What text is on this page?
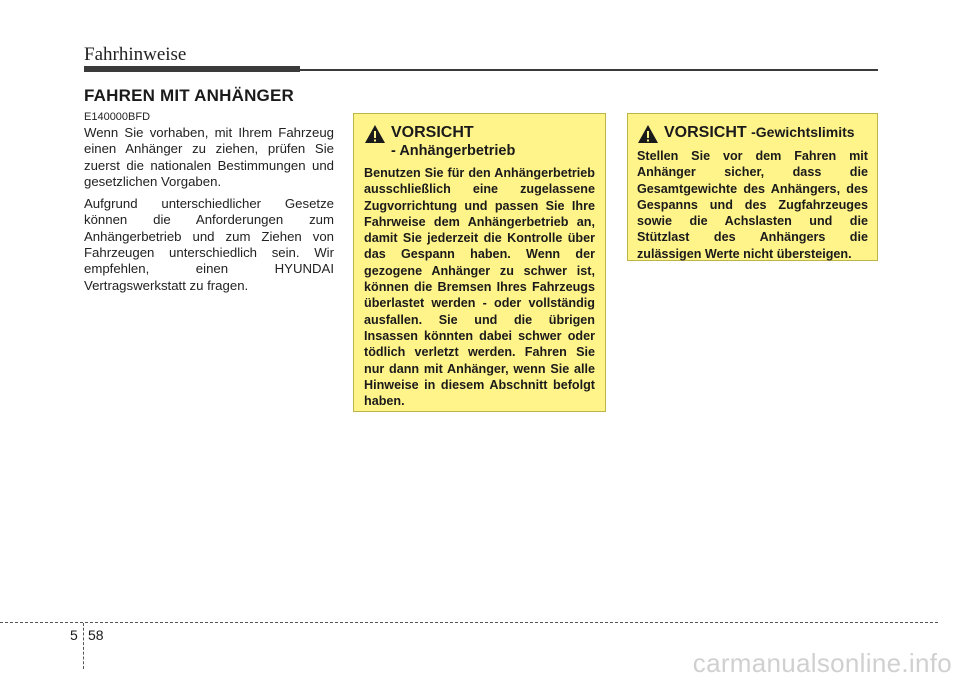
Fahrhinweise
FAHREN MIT ANHÄNGER
E140000BFD

Wenn Sie vorhaben, mit Ihrem Fahrzeug einen Anhänger zu ziehen, prüfen Sie zuerst die nationalen Bestimmungen und gesetzlichen Vorgaben.

Aufgrund unterschiedlicher Gesetze können die Anforderungen zum Anhängerbetrieb und zum Ziehen von Fahrzeugen unterschiedlich sein. Wir empfehlen, einen HYUNDAI Vertragswerkstatt zu fragen.

VORSICHT
- Anhängerbetrieb
Benutzen Sie für den Anhängerbetrieb ausschließlich eine zugelassene Zugvorrichtung und passen Sie Ihre Fahrweise dem Anhängerbetrieb an, damit Sie jederzeit die Kontrolle über das Gespann haben. Wenn der gezogene Anhänger zu schwer ist, können die Bremsen Ihres Fahrzeugs überlastet werden - oder vollständig ausfallen. Sie und die übrigen Insassen könnten dabei schwer oder tödlich verletzt werden. Fahren Sie nur dann mit Anhänger, wenn Sie alle Hinweise in diesem Abschnitt befolgt haben.
VORSICHT -Gewichtslimits
Stellen Sie vor dem Fahren mit Anhänger sicher, dass die Gesamtgewichte des Anhängers, des Gespanns und des Zugfahrzeuges sowie die Achslasten und die Stützlast des Anhängers die zulässigen Werte nicht übersteigen.
5 58
carmanualsonline.info
